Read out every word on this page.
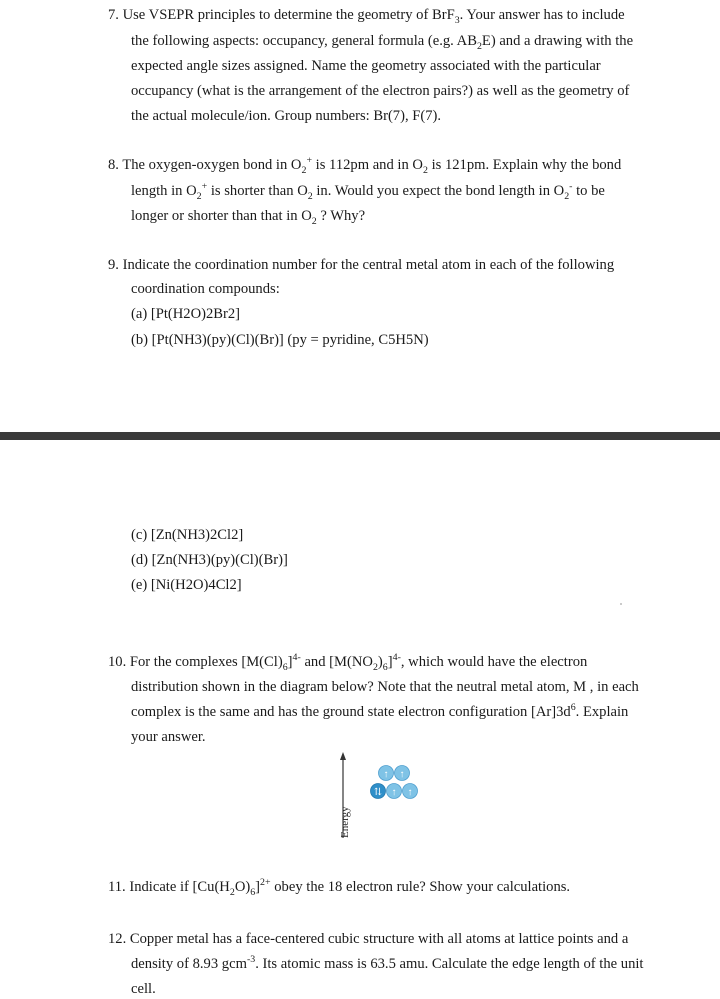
7. Use VSEPR principles to determine the geometry of BrF$_3$. Your answer has to include
the following aspects: occupancy, general formula (e.g. $AB_2E$) and a drawing with the
expected angle sizes assigned. Name the geometry associated with the particular
occupancy (what is the arrangement of the electron pairs?) as well as the geometry of
the actual molecule/ion. Group numbers: Br(7), F(7).
8. The oxygen-oxygen bond in $O_2^+$ is 112pm and in $O_2$ is 121pm. Explain why the bond
length in $O_2^+$ is shorter than $O_2$ in. Would you expect the bond length in $O_2^-$ to be
longer or shorter than that in $O_2$ ? Why?
9. Indicate the coordination number for the central metal atom in each of the following
coordination compounds:
(a) [Pt(H2O)2Br2]
(b) [Pt(NH3)(py)(Cl)(Br)] (py = pyridine, C5H5N)
(c) [Zn(NH3)2Cl2]
(d) [Zn(NH3)(py)(Cl)(Br)]
(e) [Ni(H2O)4Cl2]
10. For the complexes $[M(Cl)_6]^{4-}$ and $[M(NO_2)_6]^{4-}$, which would have the electron
distribution shown in the diagram below? Note that the neutral metal atom, M , in each
complex is the same and has the ground state electron configuration $[Ar]3d^6$. Explain
your answer.
Energy
↑ ↑
⇅ ↑ ↑
11. Indicate if $[Cu(H_2O)_6]^{2+}$ obey the 18 electron rule? Show your calculations.
12. Copper metal has a face-centered cubic structure with all atoms at lattice points and a
density of 8.93 gcm$^{-3}$. Its atomic mass is 63.5 amu. Calculate the edge length of the unit
cell.
